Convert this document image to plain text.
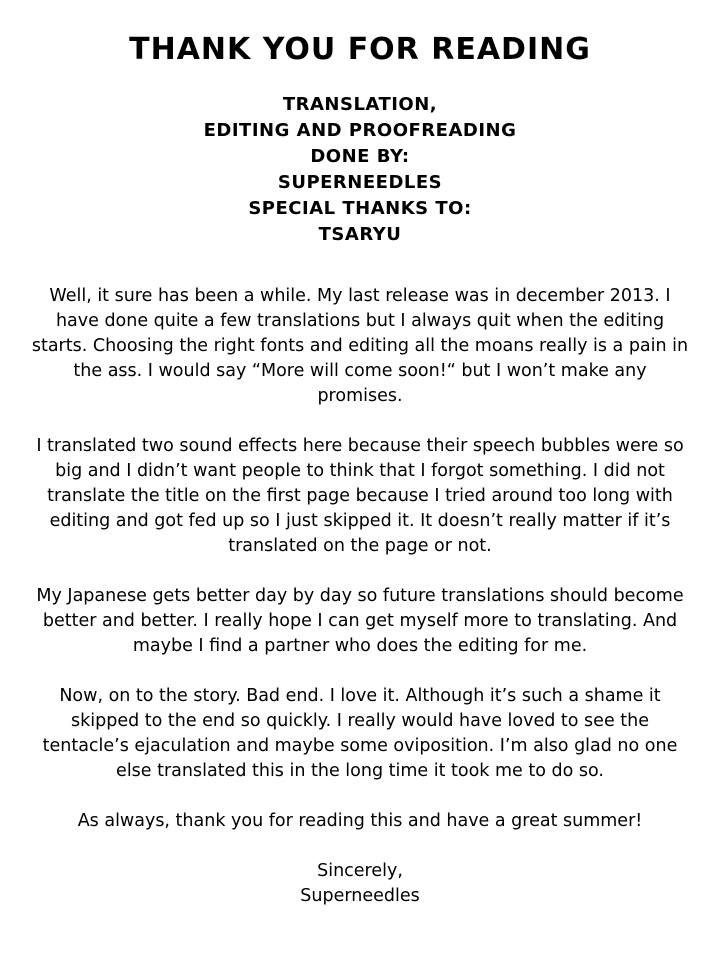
THANK YOU FOR READING
TRANSLATION,
EDITING AND PROOFREADING
DONE BY:
SUPERNEEDLES
SPECIAL THANKS TO:
TSARYU

Well, it sure has been a while. My last release was in december 2013. I
have done quite a few translations but I always quit when the editing
starts. Choosing the right fonts and editing all the moans really is a pain in
the ass. I would say “More will come soon!“ but I won’t make any
promises.

I translated two sound effects here because their speech bubbles were so
big and I didn’t want people to think that I forgot something. I did not
translate the title on the first page because I tried around too long with
editing and got fed up so I just skipped it. It doesn’t really matter if it’s
translated on the page or not.

My Japanese gets better day by day so future translations should become
better and better. I really hope I can get myself more to translating. And
maybe I find a partner who does the editing for me.

Now, on to the story. Bad end. I love it. Although it’s such a shame it
skipped to the end so quickly. I really would have loved to see the
tentacle’s ejaculation and maybe some oviposition. I’m also glad no one
else translated this in the long time it took me to do so.

As always, thank you for reading this and have a great summer!

Sincerely,
Superneedles
